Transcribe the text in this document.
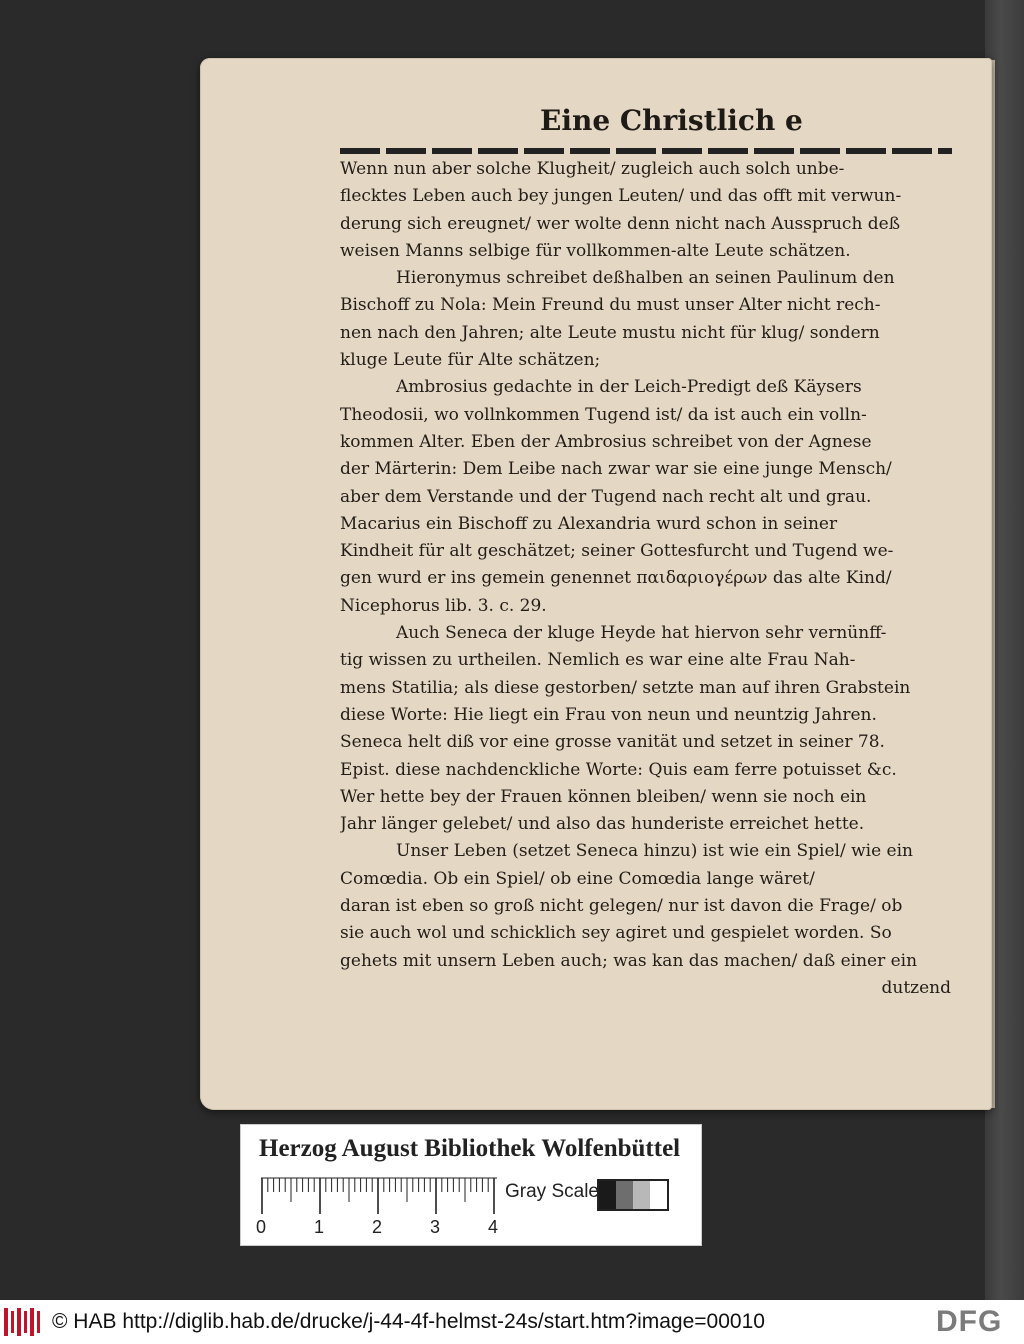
Eine Christlich e
Wenn nun aber solche Klugheit/ zugleich auch solch unbe-
flecktes Leben auch bey jungen Leuten/ und das offt mit verwun-
derung sich ereugnet/ wer wolte denn nicht nach Ausspruch deß
weisen Manns selbige für vollkommen-alte Leute schätzen.
Hieronymus schreibet deßhalben an seinen Paulinum den
Bischoff zu Nola: Mein Freund du must unser Alter nicht rech-
nen nach den Jahren; alte Leute mustu nicht für klug/ sondern
kluge Leute für Alte schätzen;
Ambrosius gedachte in der Leich-Predigt deß Käysers
Theodosii, wo vollnkommen Tugend ist/ da ist auch ein volln-
kommen Alter. Eben der Ambrosius schreibet von der Agnese
der Märterin: Dem Leibe nach zwar war sie eine junge Mensch/
aber dem Verstande und der Tugend nach recht alt und grau.
Macarius ein Bischoff zu Alexandria wurd schon in seiner
Kindheit für alt geschätzet; seiner Gottesfurcht und Tugend we-
gen wurd er ins gemein genennet παιδαριογέρων das alte Kind/
Nicephorus lib. 3. c. 29.
Auch Seneca der kluge Heyde hat hiervon sehr vernünff-
tig wissen zu urtheilen. Nemlich es war eine alte Frau Nah-
mens Statilia; als diese gestorben/ setzte man auf ihren Grabstein
diese Worte: Hie liegt ein Frau von neun und neuntzig Jahren.
Seneca helt diß vor eine grosse vanität und setzet in seiner 78.
Epist. diese nachdenckliche Worte: Quis eam ferre potuisset &c.
Wer hette bey der Frauen können bleiben/ wenn sie noch ein
Jahr länger gelebet/ und also das hunderiste erreichet hette.
Unser Leben (setzet Seneca hinzu) ist wie ein Spiel/ wie ein
Comœdia. Ob ein Spiel/ ob eine Comœdia lange wäret/
daran ist eben so groß nicht gelegen/ nur ist davon die Frage/ ob
sie auch wol und schicklich sey agiret und gespielet worden. So
gehets mit unsern Leben auch; was kan das machen/ daß einer ein
dutzend
Herzog August Bibliothek Wolfenbüttel
0	1	2	3	4
Gray Scale
© HAB http://diglib.hab.de/drucke/j-44-4f-helmst-24s/start.htm?image=00010	DFG
